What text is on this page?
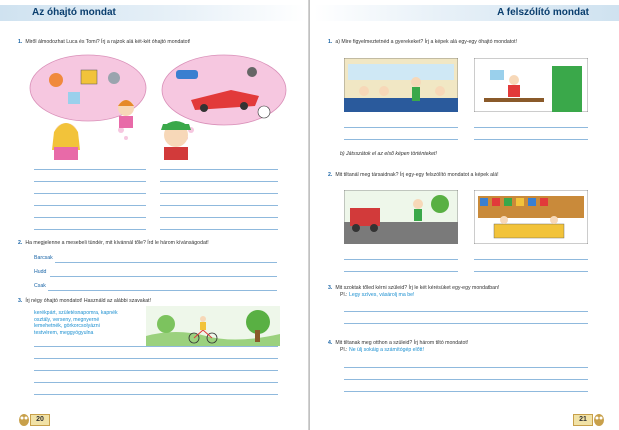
Az óhajtó mondat
1. Miről álmodozhat Luca és Tomi? Írj a rajzok alá két-két óhajtó mondatot!
2. Ha megjelenne a mesebeli tündér, mit kívánnál tőle? Írd le három kívánságodat!
Barcsak
Hudd
Csak
3. Írj négy óhajtó mondatot! Használd az alábbi szavakat!
kerékpárt, születésnapomra, kapnék
osztály, verseny, megnyerné
lemehetnék, görkorcsolyázni
testvérem, meggyógyulna
20
A felszólító mondat
1. a) Mire figyelmeztetnéd a gyerekeket? Írj a képek alá egy-egy óhajtó mondatot!
b) Játsszátok el az első képen történteket!
2. Mit tiltanál meg társaidnak? Írj egy-egy felszólító mondatot a képek alá!
3. Mit szoktak tőled kérni szüleid? Írj le két kérésüket egy-egy mondatban!
Pl.: Legy szíves, vásárolj ma be!
4. Mit tiltanak meg otthon a szüleid? Írj három tiltó mondatot!
Pl.: Ne ülj sokáig a számítógép előtt!
21
